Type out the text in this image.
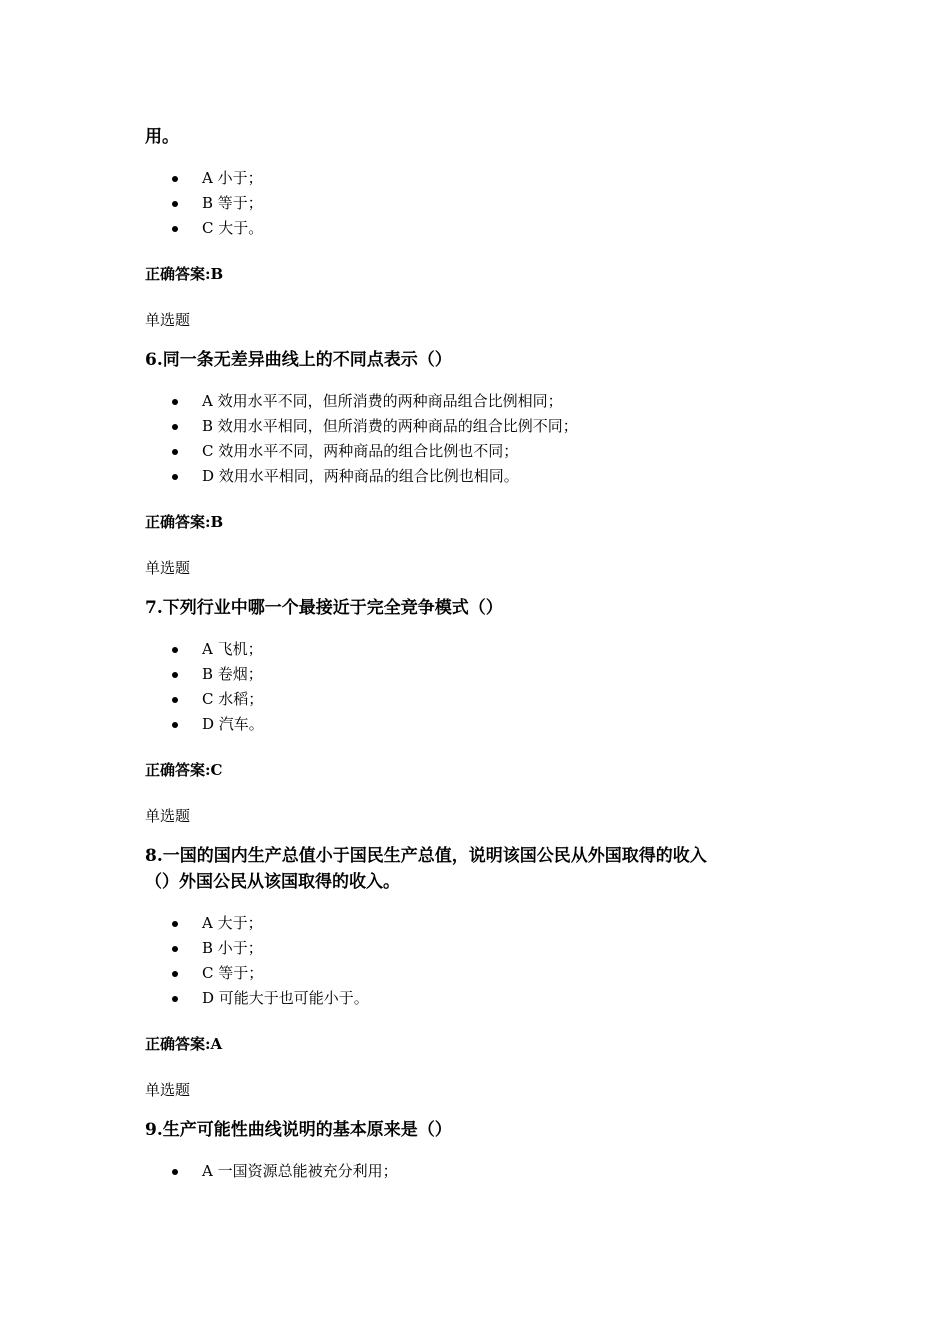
用。

A 小于；
B 等于；
C 大于。

正确答案:B

单选题

6.同一条无差异曲线上的不同点表示（）

A 效用水平不同，但所消费的两种商品组合比例相同；
B 效用水平相同，但所消费的两种商品的组合比例不同；
C 效用水平不同，两种商品的组合比例也不同；
D 效用水平相同，两种商品的组合比例也相同。

正确答案:B

单选题

7.下列行业中哪一个最接近于完全竞争模式（）

A 飞机；
B 卷烟；
C 水稻；
D 汽车。

正确答案:C

单选题

8.一国的国内生产总值小于国民生产总值，说明该国公民从外国取得的收入

（）外国公民从该国取得的收入。

A 大于；
B 小于；
C 等于；
D 可能大于也可能小于。

正确答案:A

单选题

9.生产可能性曲线说明的基本原来是（）

A 一国资源总能被充分利用；
